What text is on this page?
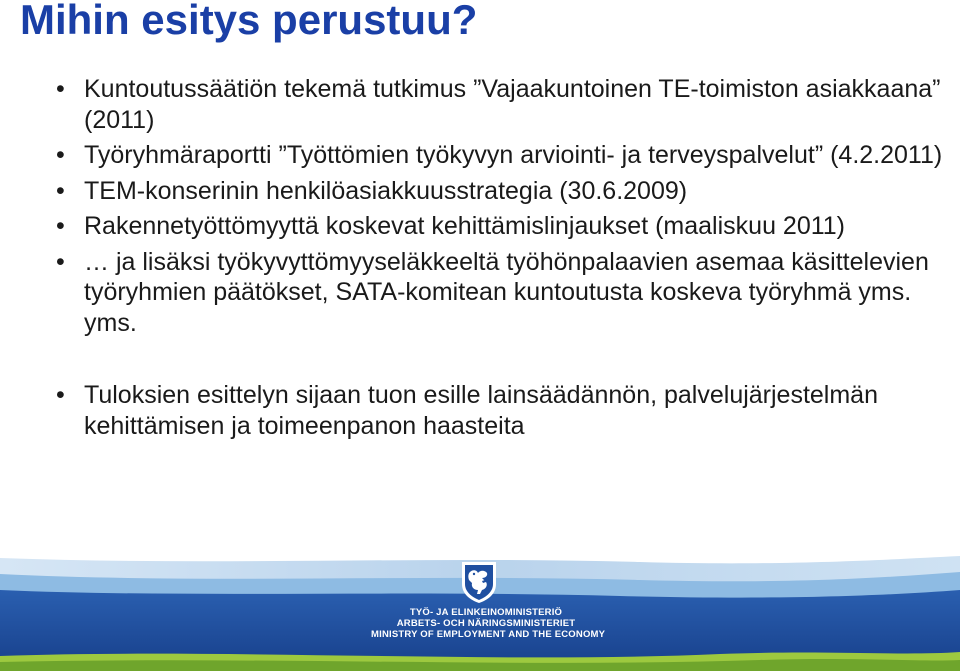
Mihin esitys perustuu?
• Kuntoutussäätiön tekemä tutkimus ”Vajaakuntoinen TE-toimiston asiakkaana” (2011)
• Työryhmäraportti ”Työttömien työkyvyn arviointi- ja terveyspalvelut” (4.2.2011)
• TEM-konserinin henkilöasiakkuusstrategia (30.6.2009)
• Rakennetyöttömyyttä koskevat kehittämislinjaukset (maaliskuu 2011)
• … ja lisäksi työkyvyttömyyseläkkeeltä työhönpalaavien asemaa käsittelevien työryhmien päätökset, SATA-komitean kuntoutusta koskeva työryhmä yms. yms.
• Tuloksien esittelyn sijaan tuon esille lainsäädännön, palvelujärjestelmän kehittämisen ja toimeenpanon haasteita
TYÖ- JA ELINKEINOMINISTERIÖ
ARBETS- OCH NÄRINGSMINISTERIET
MINISTRY OF EMPLOYMENT AND THE ECONOMY
